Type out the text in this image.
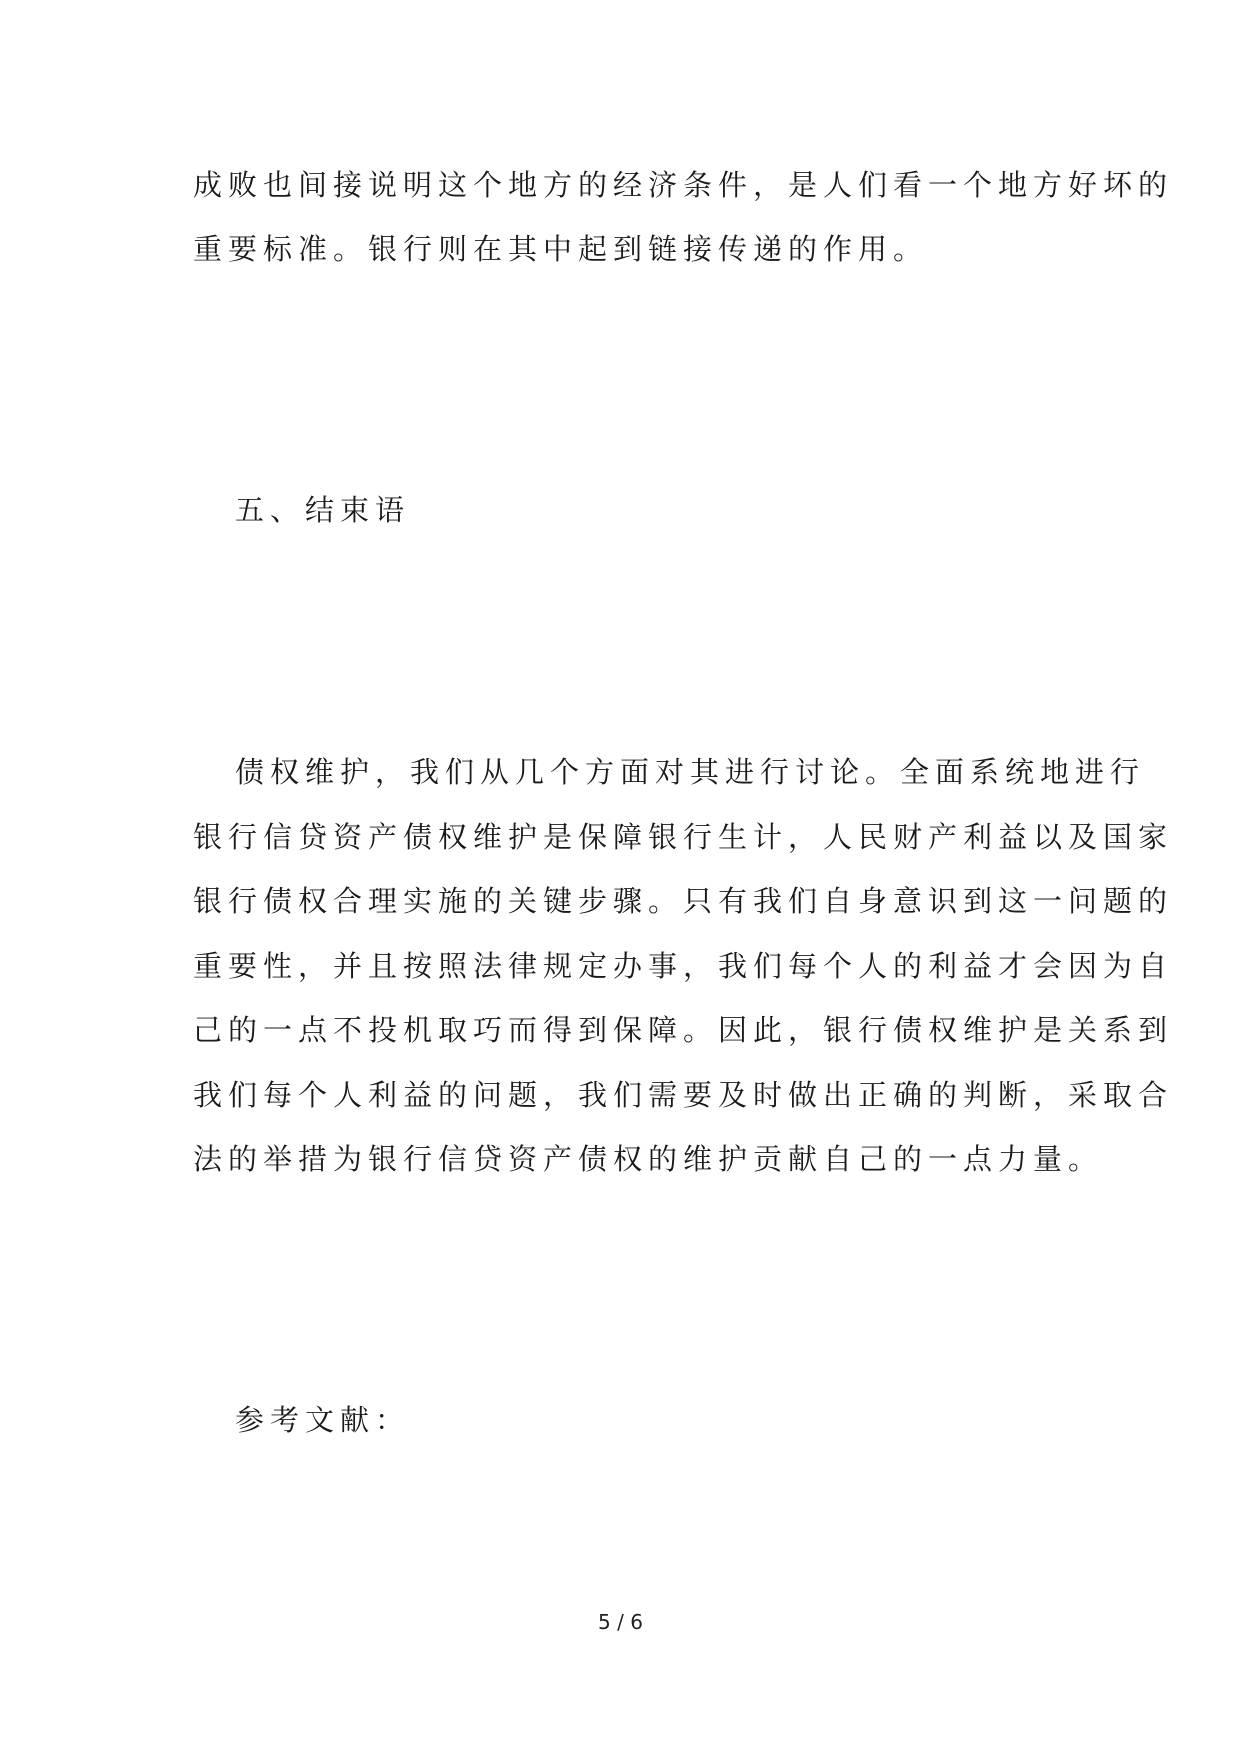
成败也间接说明这个地方的经济条件，是人们看一个地方好坏的

重要标准。银行则在其中起到链接传递的作用。

五、结束语

债权维护，我们从几个方面对其进行讨论。全面系统地进行

银行信贷资产债权维护是保障银行生计，人民财产利益以及国家

银行债权合理实施的关键步骤。只有我们自身意识到这一问题的

重要性，并且按照法律规定办事，我们每个人的利益才会因为自

己的一点不投机取巧而得到保障。因此，银行债权维护是关系到

我们每个人利益的问题，我们需要及时做出正确的判断，采取合

法的举措为银行信贷资产债权的维护贡献自己的一点力量。

参考文献：

5 / 6
